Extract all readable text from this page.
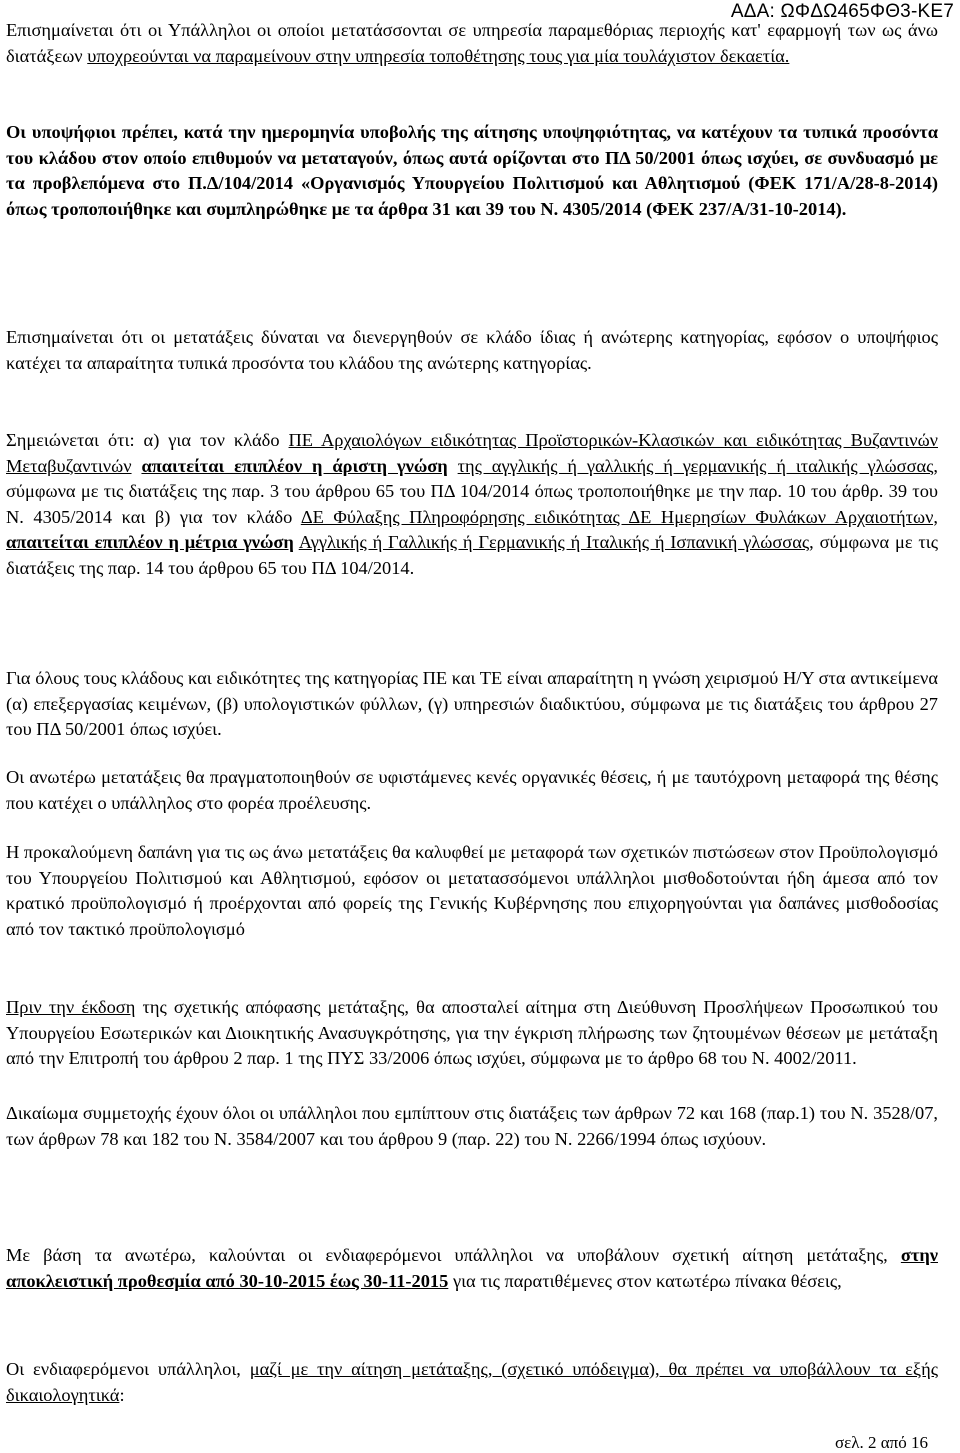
ΑΔΑ: ΩΦΔΩ465ΦΘ3-ΚΕ7

Επισημαίνεται ότι οι Υπάλληλοι οι οποίοι μετατάσσονται σε υπηρεσία παραμεθόριας περιοχής κατ' εφαρμογή των ως άνω διατάξεων υποχρεούνται να παραμείνουν στην υπηρεσία τοποθέτησης τους για μία τουλάχιστον δεκαετία.

Οι υποψήφιοι πρέπει, κατά την ημερομηνία υποβολής της αίτησης υποψηφιότητας, να κατέχουν τα τυπικά προσόντα του κλάδου στον οποίο επιθυμούν να μεταταγούν, όπως αυτά ορίζονται στο ΠΔ 50/2001 όπως ισχύει, σε συνδυασμό με τα προβλεπόμενα στο Π.Δ/104/2014 «Οργανισμός Υπουργείου Πολιτισμού και Αθλητισμού (ΦΕΚ 171/Α/28-8-2014) όπως τροποποιήθηκε και συμπληρώθηκε με τα άρθρα 31 και 39 του Ν. 4305/2014 (ΦΕΚ 237/Α/31-10-2014).

Επισημαίνεται ότι οι μετατάξεις δύναται να διενεργηθούν σε κλάδο ίδιας ή ανώτερης κατηγορίας, εφόσον ο υποψήφιος κατέχει τα απαραίτητα τυπικά προσόντα του κλάδου της ανώτερης κατηγορίας.

Σημειώνεται ότι: α) για τον κλάδο ΠΕ Αρχαιολόγων ειδικότητας Προϊστορικών-Κλασικών και ειδικότητας Βυζαντινών Μεταβυζαντινών απαιτείται επιπλέον η άριστη γνώση της αγγλικής ή γαλλικής ή γερμανικής ή ιταλικής γλώσσας, σύμφωνα με τις διατάξεις της παρ. 3 του άρθρου 65 του ΠΔ 104/2014 όπως τροποποιήθηκε με την παρ. 10 του άρθρ. 39 του Ν. 4305/2014 και β) για τον κλάδο ΔΕ Φύλαξης Πληροφόρησης ειδικότητας ΔΕ Ημερησίων Φυλάκων Αρχαιοτήτων, απαιτείται επιπλέον η μέτρια γνώση Αγγλικής ή Γαλλικής ή Γερμανικής ή Ιταλικής ή Ισπανική γλώσσας, σύμφωνα με τις διατάξεις της παρ. 14 του άρθρου 65 του ΠΔ 104/2014.

Για όλους τους κλάδους και ειδικότητες της κατηγορίας ΠΕ και ΤΕ είναι απαραίτητη η γνώση χειρισμού Η/Υ στα αντικείμενα (α) επεξεργασίας κειμένων, (β) υπολογιστικών φύλλων, (γ) υπηρεσιών διαδικτύου, σύμφωνα με τις διατάξεις του άρθρου 27 του ΠΔ 50/2001 όπως ισχύει.

Οι ανωτέρω μετατάξεις θα πραγματοποιηθούν σε υφιστάμενες κενές οργανικές θέσεις, ή με ταυτόχρονη μεταφορά της θέσης που κατέχει ο υπάλληλος στο φορέα προέλευσης.

Η προκαλούμενη δαπάνη για τις ως άνω μετατάξεις θα καλυφθεί με μεταφορά των σχετικών πιστώσεων στον Προϋπολογισμό του Υπουργείου Πολιτισμού και Αθλητισμού, εφόσον οι μετατασσόμενοι υπάλληλοι μισθοδοτούνται ήδη άμεσα από τον κρατικό προϋπολογισμό ή προέρχονται από φορείς της Γενικής Κυβέρνησης που επιχορηγούνται για δαπάνες μισθοδοσίας από τον τακτικό προϋπολογισμό

Πριν την έκδοση της σχετικής απόφασης μετάταξης, θα αποσταλεί αίτημα στη Διεύθυνση Προσλήψεων Προσωπικού του Υπουργείου Εσωτερικών και Διοικητικής Ανασυγκρότησης, για την έγκριση πλήρωσης των ζητουμένων θέσεων με μετάταξη από την Επιτροπή του άρθρου 2 παρ. 1 της ΠΥΣ 33/2006 όπως ισχύει, σύμφωνα με το άρθρο 68 του Ν. 4002/2011.

Δικαίωμα συμμετοχής έχουν όλοι οι υπάλληλοι που εμπίπτουν στις διατάξεις των άρθρων 72 και 168 (παρ.1) του Ν. 3528/07, των άρθρων 78 και 182 του Ν. 3584/2007 και του άρθρου 9 (παρ. 22) του Ν. 2266/1994 όπως ισχύουν.

Με βάση τα ανωτέρω, καλούνται οι ενδιαφερόμενοι υπάλληλοι να υποβάλουν σχετική αίτηση μετάταξης, στην αποκλειστική προθεσμία από 30-10-2015 έως 30-11-2015 για τις παρατιθέμενες στον κατωτέρω πίνακα θέσεις,

Οι ενδιαφερόμενοι υπάλληλοι, μαζί με την αίτηση μετάταξης, (σχετικό υπόδειγμα), θα πρέπει να υποβάλλουν τα εξής δικαιολογητικά:

σελ. 2 από 16
